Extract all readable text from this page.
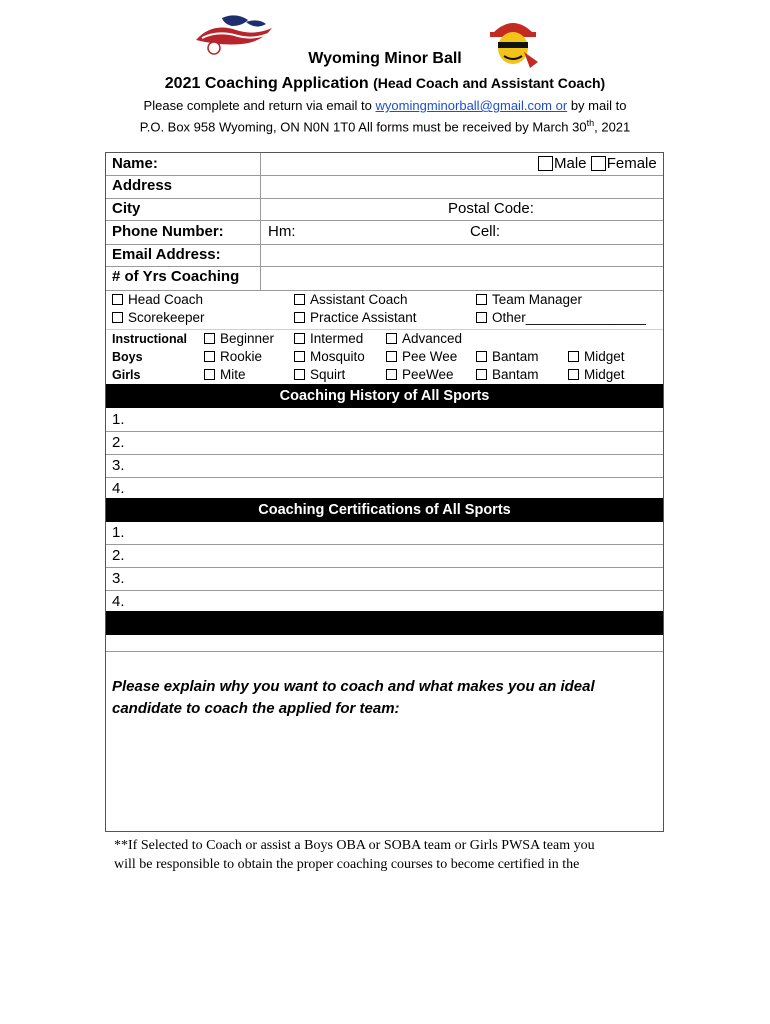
Wyoming Minor Ball
2021 Coaching Application (Head Coach and Assistant Coach)
Please complete and return via email to wyomingminorball@gmail.com or by mail to
P.O. Box 958 Wyoming, ON N0N 1T0 All forms must be received by March 30th, 2021
Name:	Male Female
Address
City	Postal Code:
Phone Number:	Hm:	Cell:
Email Address:
# of Yrs Coaching
Head Coach	Assistant Coach	Team Manager
Scorekeeper	Practice Assistant	Other________________
Instructional	Beginner	Intermed	Advanced
Boys	Rookie	Mosquito	Pee Wee	Bantam	Midget
Girls	Mite	Squirt	PeeWee	Bantam	Midget
Coaching History of All Sports
1.
2.
3.
4.
Coaching Certifications of All Sports
1.
2.
3.
4.
Please explain why you want to coach and what makes you an ideal
candidate to coach the applied for team:
**If Selected to Coach or assist a Boys OBA or SOBA team or Girls PWSA team you
will be responsible to obtain the proper coaching courses to become certified in the
